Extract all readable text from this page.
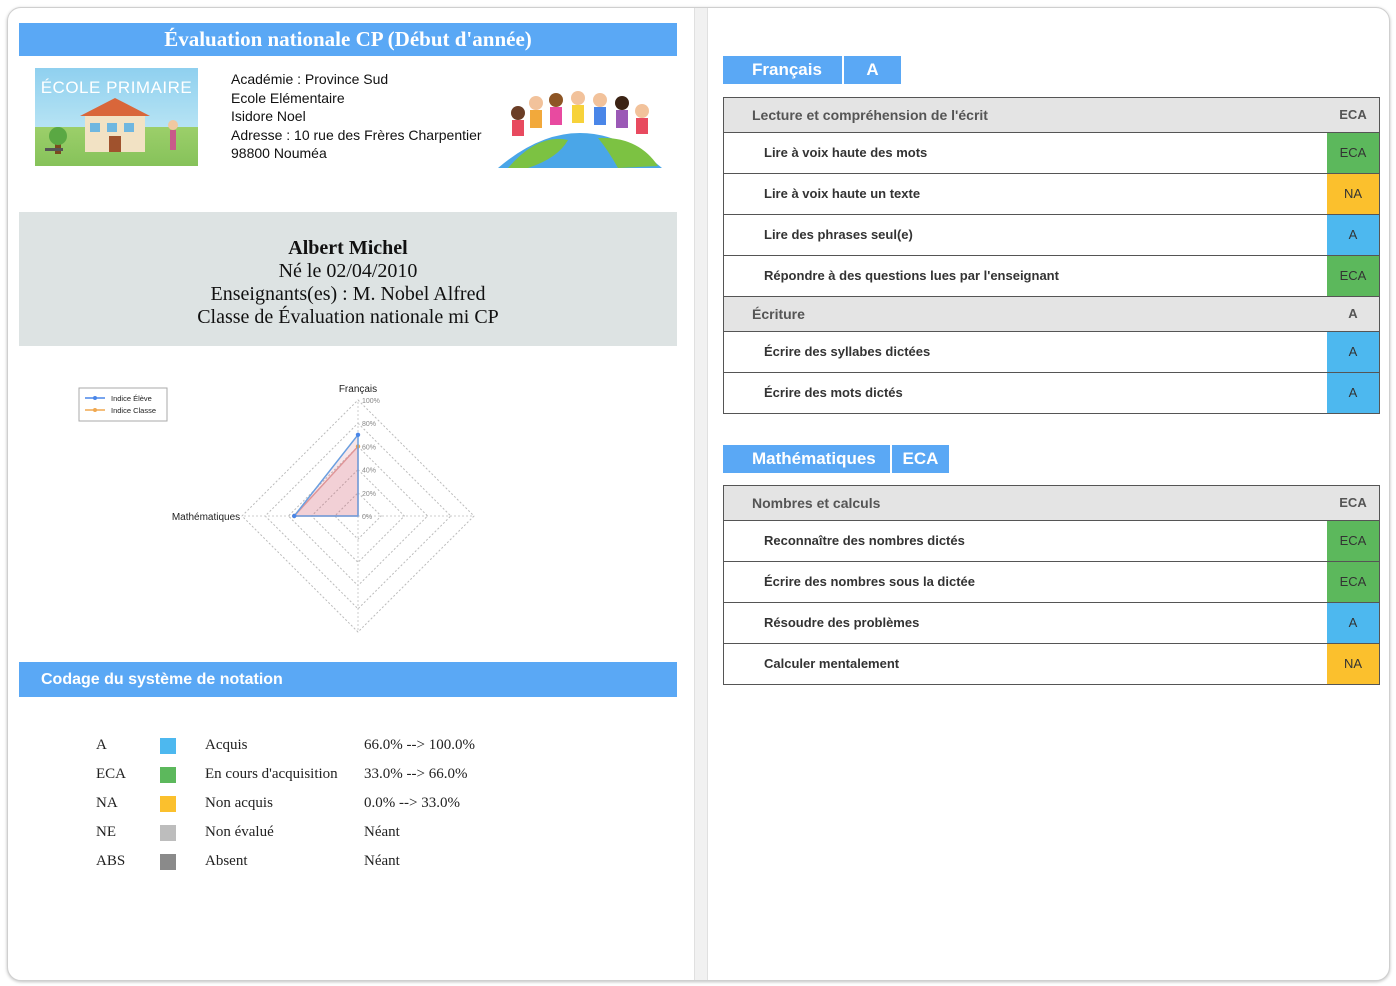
Évaluation nationale CP (Début d'année)
ÉCOLE PRIMAIRE	Académie : Province Sud
Ecole Elémentaire
Isidore Noel
Adresse : 10 rue des Frères Charpentier
98800 Nouméa
Albert Michel
Né le 02/04/2010
Enseignants(es) : M. Nobel Alfred
Classe de Évaluation nationale mi CP
0%
20%
40%
60%
80%
100%
Français
Mathématiques
Indice Élève
Indice Classe
Codage du système de notation
A	Acquis	66.0% --> 100.0%
ECA	En cours d'acquisition 33.0% --> 66.0%
NA	Non acquis	0.0% --> 33.0%
NE	Non évalué	Néant
ABS	Absent	Néant
Français	A
Lecture et compréhension de l'écrit	ECA
Lire à voix haute des mots	ECA
Lire à voix haute un texte	NA
Lire des phrases seul(e)	A
Répondre à des questions lues par l'enseignant	ECA
Écriture	A
Écrire des syllabes dictées	A
Écrire des mots dictés	A
Mathématiques	ECA
Nombres et calculs	ECA
Reconnaître des nombres dictés	ECA
Écrire des nombres sous la dictée	ECA
Résoudre des problèmes	A
Calculer mentalement	NA
